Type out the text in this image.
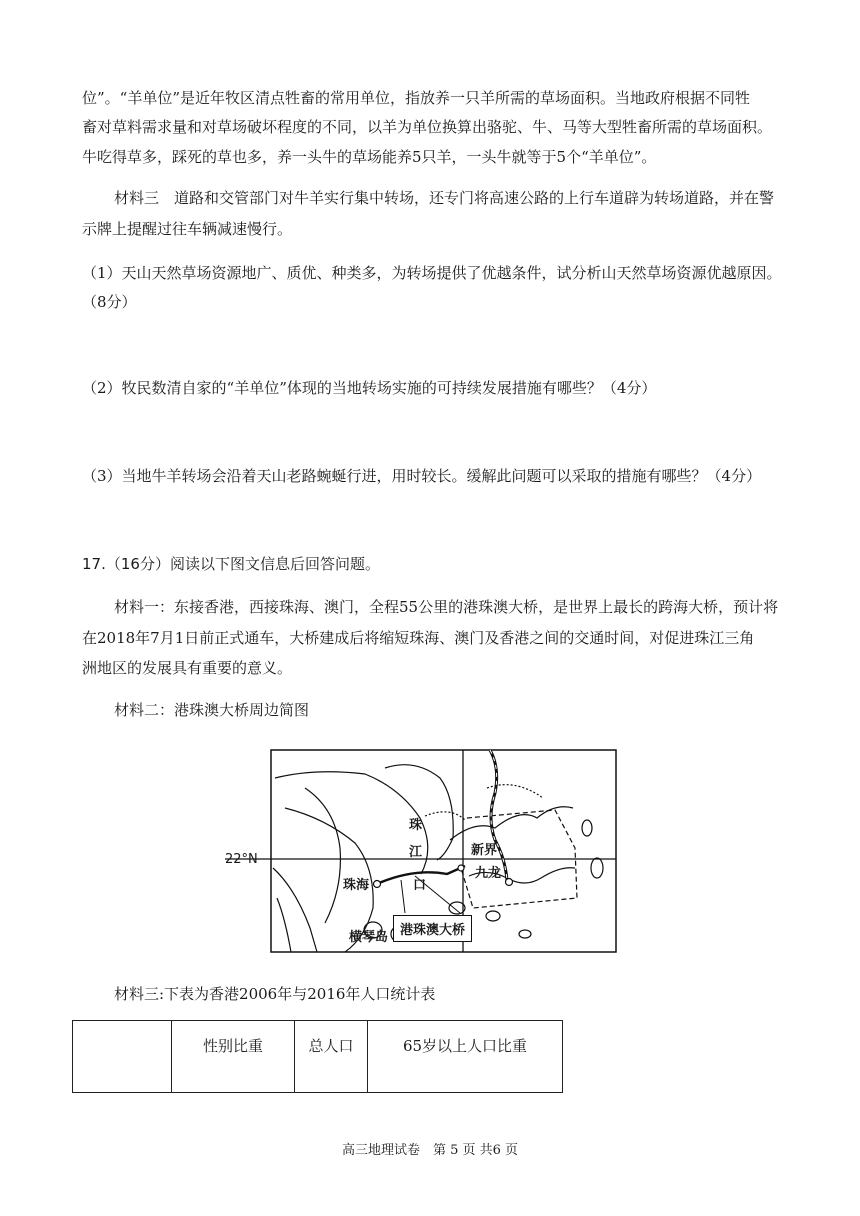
位”。“羊单位”是近年牧区清点牲畜的常用单位，指放养一只羊所需的草场面积。当地政府根据不同牲
畜对草料需求量和对草场破坏程度的不同，以羊为单位换算出骆驼、牛、马等大型牲畜所需的草场面积。
牛吃得草多，踩死的草也多，养一头牛的草场能养5只羊，一头牛就等于5个“羊单位”。
材料三　道路和交管部门对牛羊实行集中转场，还专门将高速公路的上行车道辟为转场道路，并在警
示牌上提醒过往车辆减速慢行。
（1）天山天然草场资源地广、质优、种类多，为转场提供了优越条件，试分析山天然草场资源优越原因。
（8分）
（2）牧民数清自家的“羊单位”体现的当地转场实施的可持续发展措施有哪些？（4分）
（3）当地牛羊转场会沿着天山老路蜿蜒行进，用时较长。缓解此问题可以采取的措施有哪些？（4分）
17.（16分）阅读以下图文信息后回答问题。
材料一：东接香港，西接珠海、澳门，全程55公里的港珠澳大桥，是世界上最长的跨海大桥，预计将
在2018年7月1日前正式通车，大桥建成后将缩短珠海、澳门及香港之间的交通时间，对促进珠江三角
洲地区的发展具有重要的意义。
材料二：港珠澳大桥周边简图
22°N
珠
江
口
新界
九龙
珠海
横琴岛 港珠澳大桥
材料三:下表为香港2006年与2016年人口统计表
	性别比重	总人口	65岁以上人口比重
高三地理试卷　第 5 页 共6 页
